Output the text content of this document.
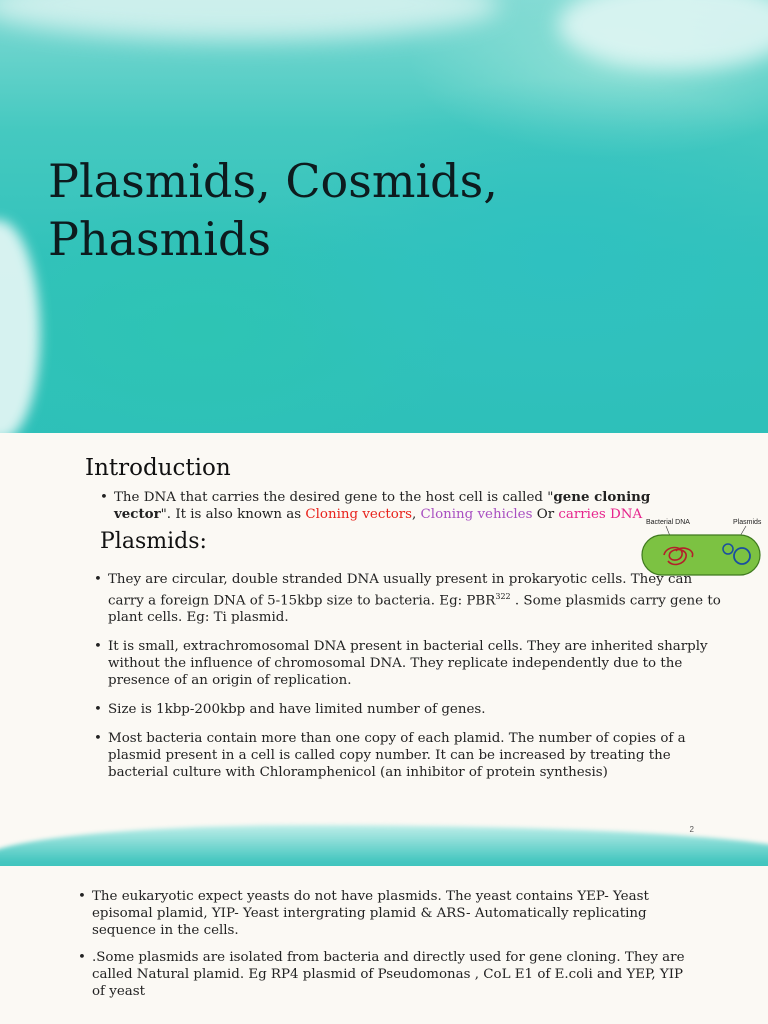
Plasmids, Cosmids,
Phasmids
Introduction
• The DNA that carries the desired gene to the host cell is called "gene cloning vector". It is also known as Cloning vectors, Cloning vehicles Or carries DNA
Plasmids:
Bacterial DNA	Plasmids
• They are circular, double stranded DNA usually present in prokaryotic cells. They can carry a foreign DNA of 5-15kbp size to bacteria. Eg: PBR$^{322}$ . Some plasmids carry gene to plant cells. Eg: Ti plasmid.
• It is small, extrachromosomal DNA present in bacterial cells. They are inherited sharply without the influence of chromosomal DNA. They replicate independently due to the presence of an origin of replication.
• Size is 1kbp-200kbp and have limited number of genes.
• Most bacteria contain more than one copy of each plamid. The number of copies of a plasmid present in a cell is called copy number. It can be increased by treating the bacterial culture with Chloramphenicol (an inhibitor of protein synthesis)
2
• The eukaryotic expect yeasts do not have plasmids. The yeast contains YEP- Yeast episomal plamid, YIP- Yeast intergrating plamid & ARS- Automatically replicating sequence in the cells.
• .Some plasmids are isolated from bacteria and directly used for gene cloning. They are called Natural plamid. Eg RP4 plasmid of Pseudomonas , CoL E1 of E.coli and YEP, YIP of yeast
